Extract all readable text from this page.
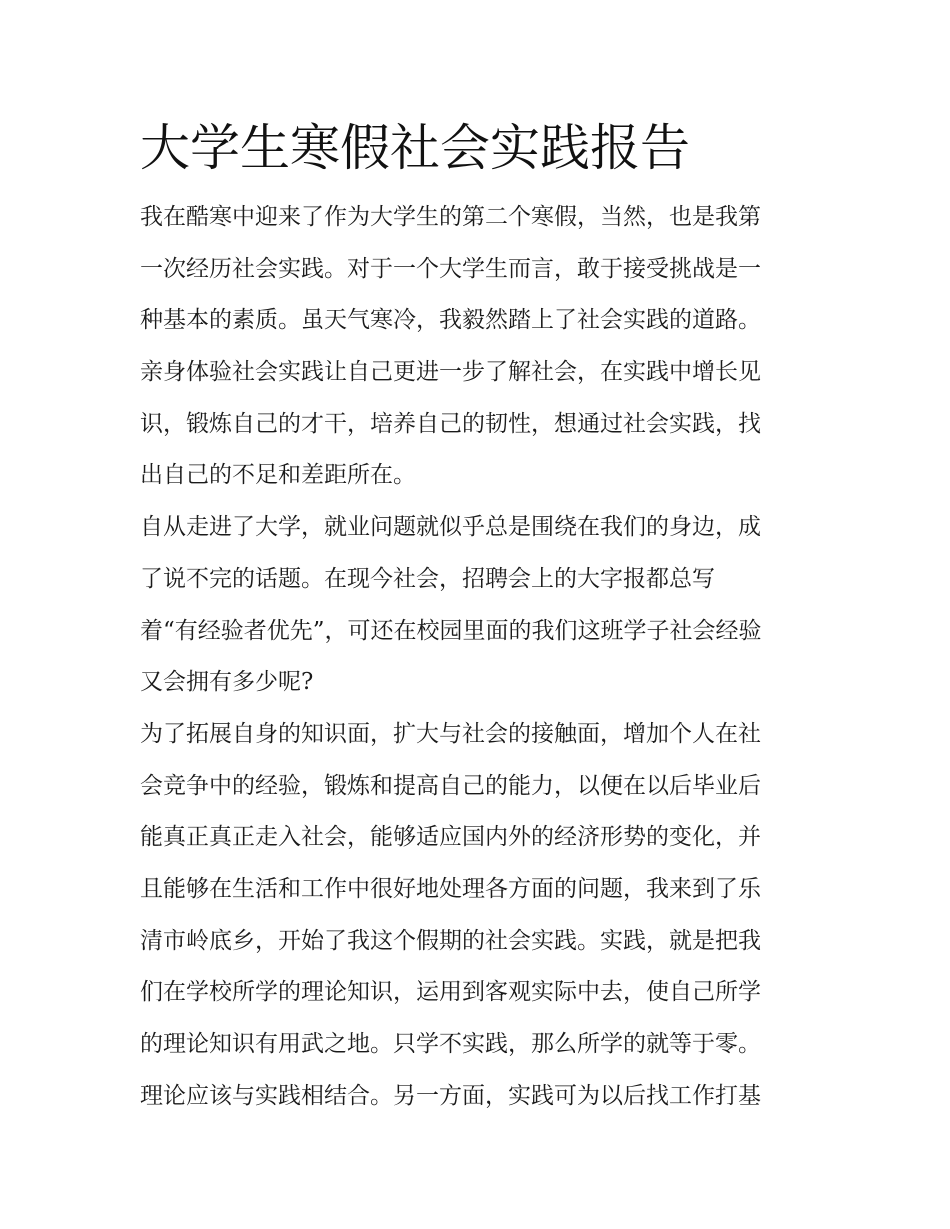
大学生寒假社会实践报告

我在酷寒中迎来了作为大学生的第二个寒假，当然，也是我第

一次经历社会实践。对于一个大学生而言，敢于接受挑战是一

种基本的素质。虽天气寒冷，我毅然踏上了社会实践的道路。

亲身体验社会实践让自己更进一步了解社会，在实践中增长见

识，锻炼自己的才干，培养自己的韧性，想通过社会实践，找

出自己的不足和差距所在。

自从走进了大学，就业问题就似乎总是围绕在我们的身边，成

了说不完的话题。在现今社会，招聘会上的大字报都总写

着“有经验者优先”，可还在校园里面的我们这班学子社会经验

又会拥有多少呢?

为了拓展自身的知识面，扩大与社会的接触面，增加个人在社

会竞争中的经验，锻炼和提高自己的能力，以便在以后毕业后

能真正真正走入社会，能够适应国内外的经济形势的变化，并

且能够在生活和工作中很好地处理各方面的问题，我来到了乐

清市岭底乡，开始了我这个假期的社会实践。实践，就是把我

们在学校所学的理论知识，运用到客观实际中去，使自己所学

的理论知识有用武之地。只学不实践，那么所学的就等于零。

理论应该与实践相结合。另一方面，实践可为以后找工作打基
